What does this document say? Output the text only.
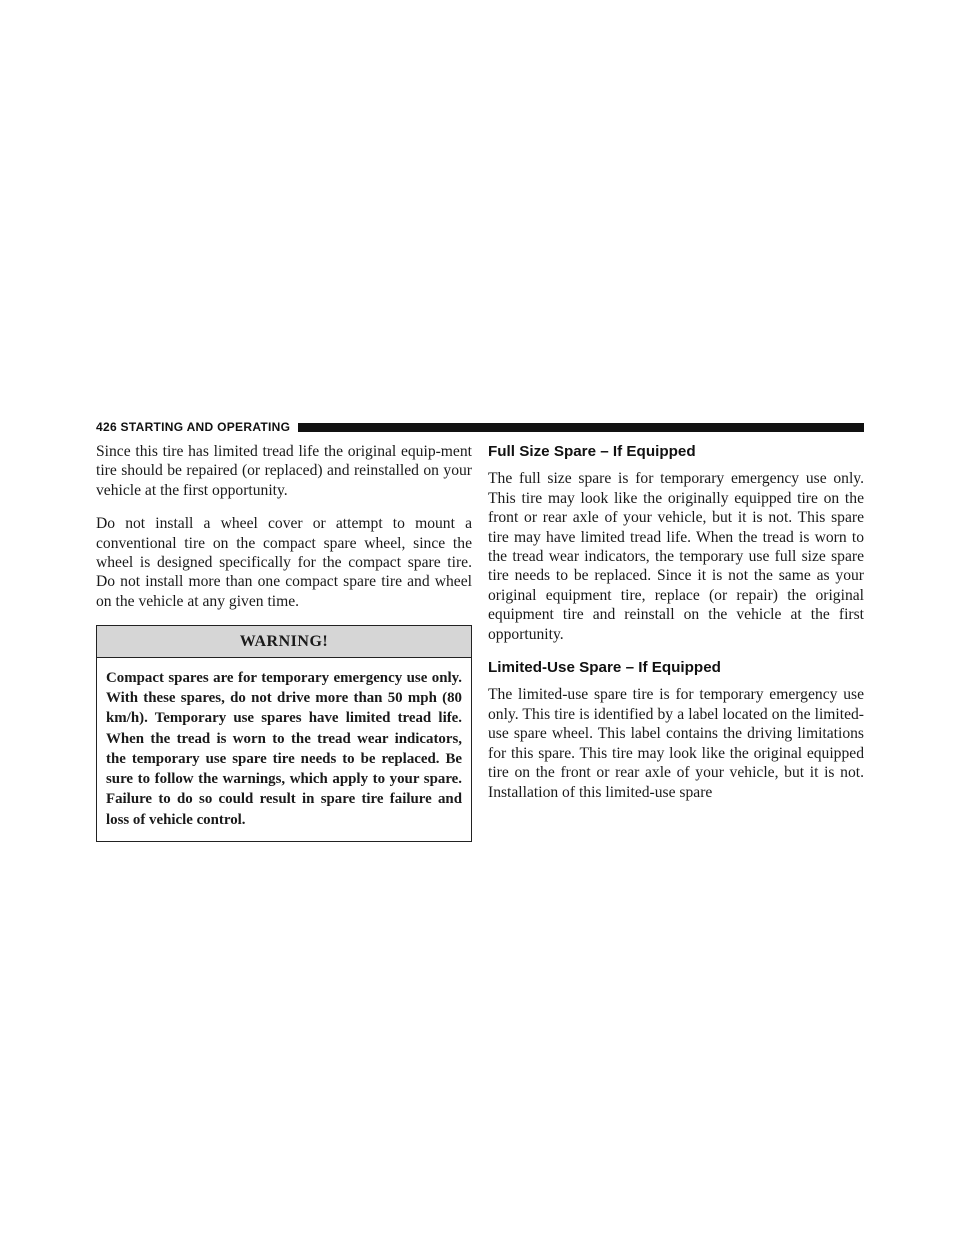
426 STARTING AND OPERATING

Since this tire has limited tread life the original equip-ment tire should be repaired (or replaced) and reinstalled on your vehicle at the first opportunity.

Do not install a wheel cover or attempt to mount a conventional tire on the compact spare wheel, since the wheel is designed specifically for the compact spare tire. Do not install more than one compact spare tire and wheel on the vehicle at any given time.

WARNING!

Compact spares are for temporary emergency use only. With these spares, do not drive more than 50 mph (80 km/h). Temporary use spares have limited tread life. When the tread is worn to the tread wear indicators, the temporary use spare tire needs to be replaced. Be sure to follow the warnings, which apply to your spare. Failure to do so could result in spare tire failure and loss of vehicle control.

Full Size Spare – If Equipped

The full size spare is for temporary emergency use only. This tire may look like the originally equipped tire on the front or rear axle of your vehicle, but it is not. This spare tire may have limited tread life. When the tread is worn to the tread wear indicators, the temporary use full size spare tire needs to be replaced. Since it is not the same as your original equipment tire, replace (or repair) the original equipment tire and reinstall on the vehicle at the first opportunity.

Limited-Use Spare – If Equipped

The limited-use spare tire is for temporary emergency use only. This tire is identified by a label located on the limited-use spare wheel. This label contains the driving limitations for this spare. This tire may look like the original equipped tire on the front or rear axle of your vehicle, but it is not. Installation of this limited-use spare
